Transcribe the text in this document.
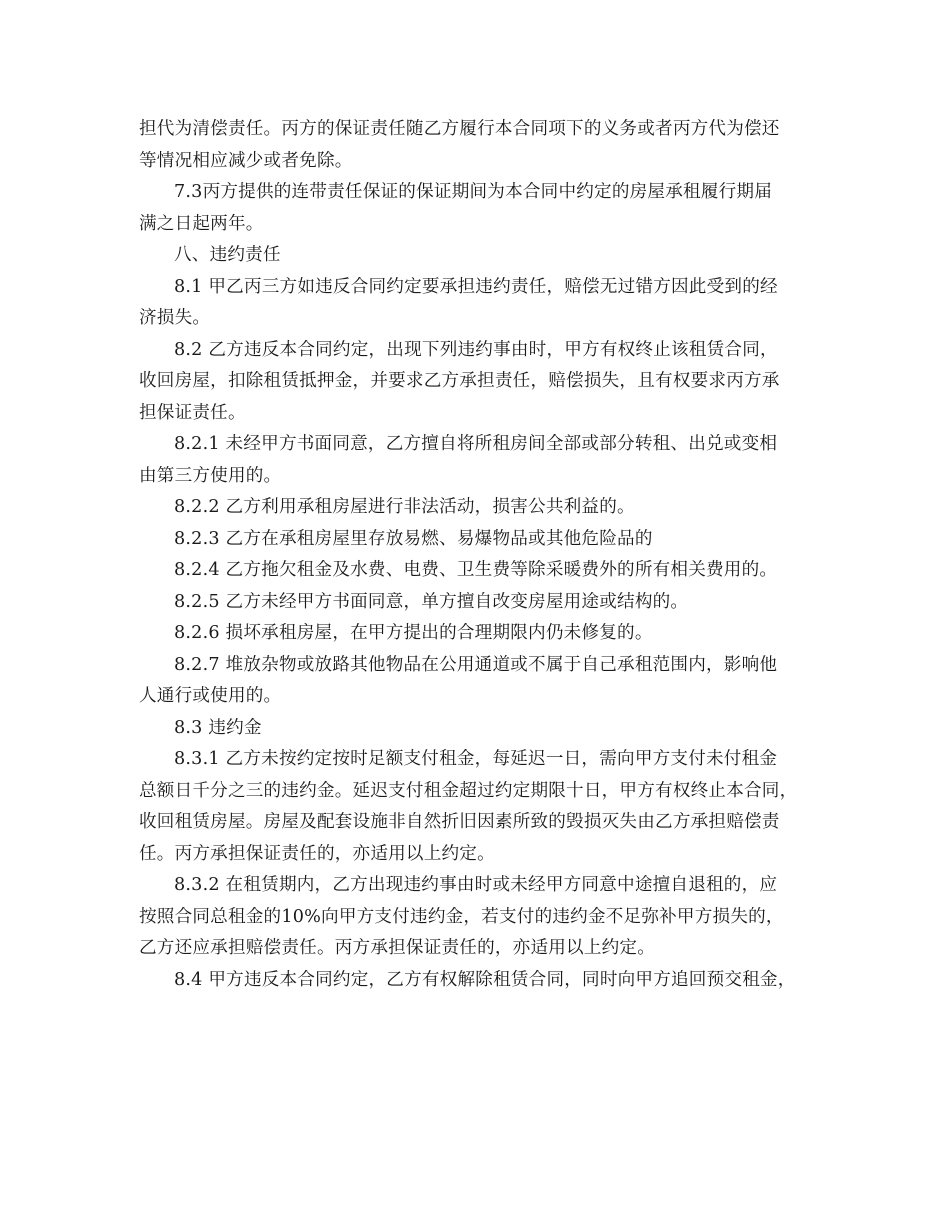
担代为清偿责任。丙方的保证责任随乙方履行本合同项下的义务或者丙方代为偿还
等情况相应减少或者免除。
7.3丙方提供的连带责任保证的保证期间为本合同中约定的房屋承租履行期届
满之日起两年。
八、违约责任
8.1 甲乙丙三方如违反合同约定要承担违约责任，赔偿无过错方因此受到的经
济损失。
8.2 乙方违反本合同约定，出现下列违约事由时，甲方有权终止该租赁合同，
收回房屋，扣除租赁抵押金，并要求乙方承担责任，赔偿损失，且有权要求丙方承
担保证责任。
8.2.1 未经甲方书面同意，乙方擅自将所租房间全部或部分转租、出兑或变相
由第三方使用的。
8.2.2 乙方利用承租房屋进行非法活动，损害公共利益的。
8.2.3 乙方在承租房屋里存放易燃、易爆物品或其他危险品的
8.2.4 乙方拖欠租金及水费、电费、卫生费等除采暖费外的所有相关费用的。
8.2.5 乙方未经甲方书面同意，单方擅自改变房屋用途或结构的。
8.2.6 损坏承租房屋，在甲方提出的合理期限内仍未修复的。
8.2.7 堆放杂物或放路其他物品在公用通道或不属于自己承租范围内，影响他
人通行或使用的。
8.3 违约金
8.3.1 乙方未按约定按时足额支付租金，每延迟一日，需向甲方支付未付租金
总额日千分之三的违约金。延迟支付租金超过约定期限十日，甲方有权终止本合同，
收回租赁房屋。房屋及配套设施非自然折旧因素所致的毁损灭失由乙方承担赔偿责
任。丙方承担保证责任的，亦适用以上约定。
8.3.2 在租赁期内，乙方出现违约事由时或未经甲方同意中途擅自退租的，应
按照合同总租金的10%向甲方支付违约金，若支付的违约金不足弥补甲方损失的，
乙方还应承担赔偿责任。丙方承担保证责任的，亦适用以上约定。
8.4 甲方违反本合同约定，乙方有权解除租赁合同，同时向甲方追回预交租金，
